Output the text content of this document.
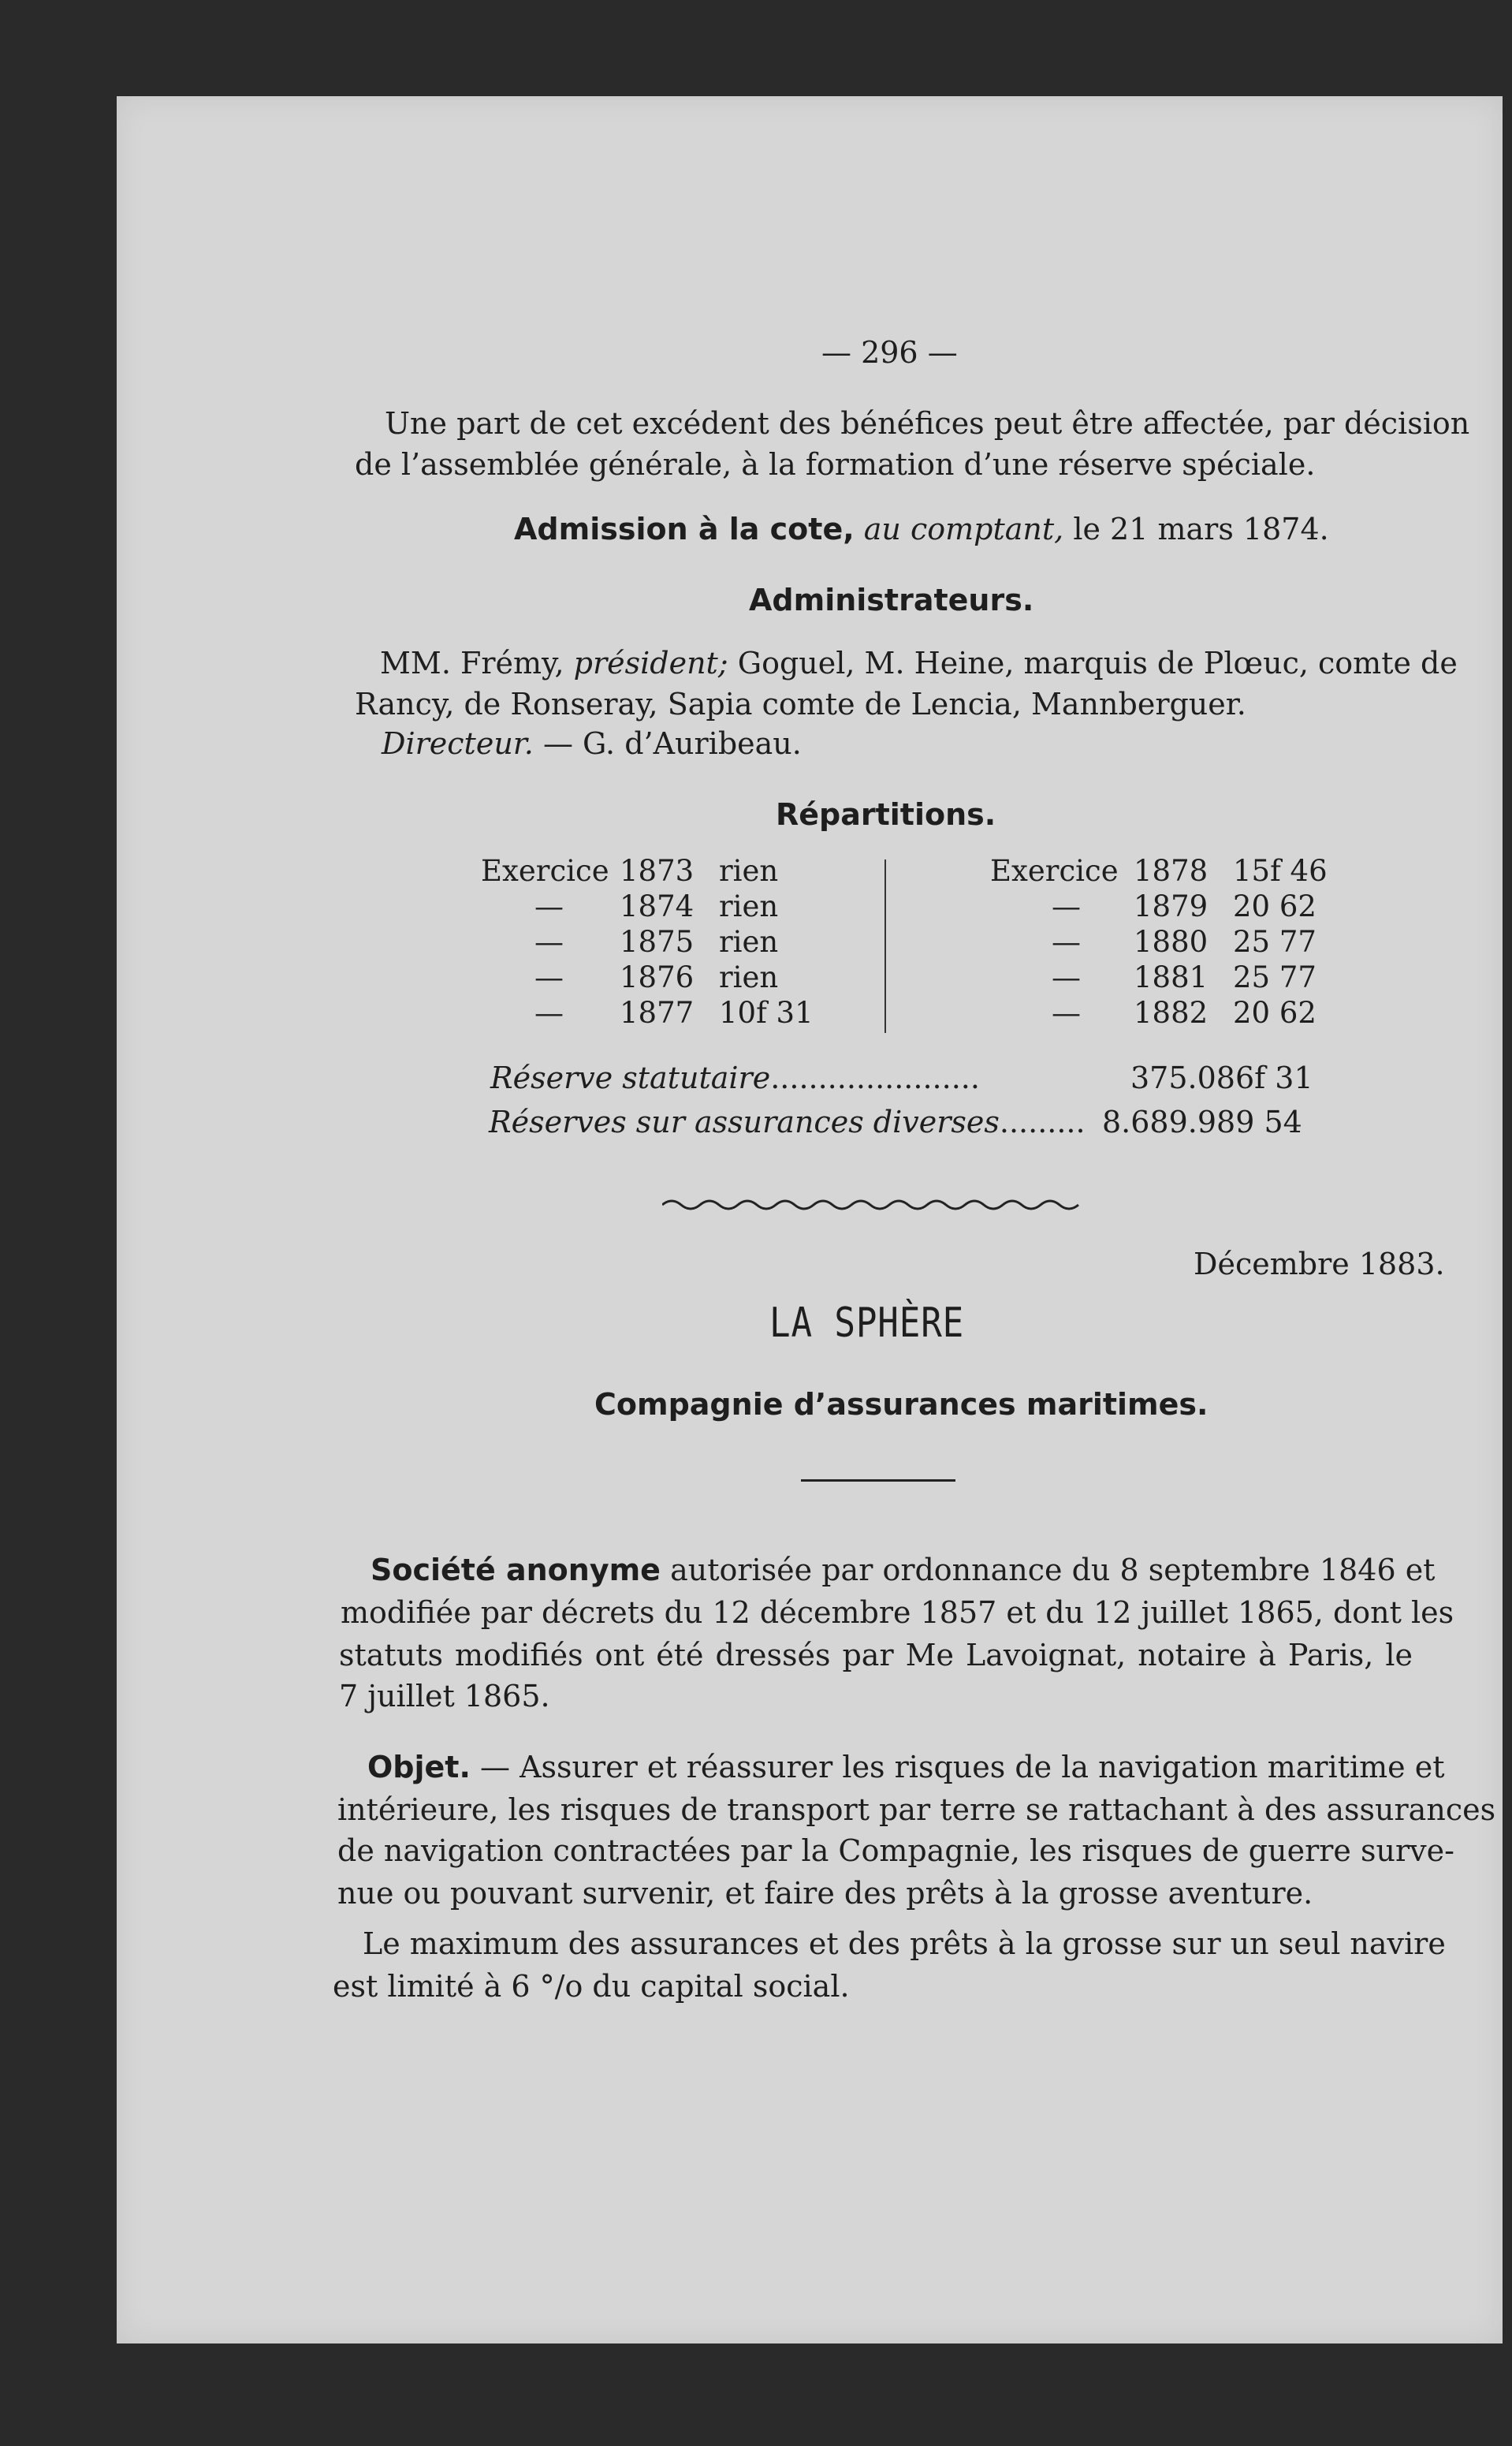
— 296 —
Une part de cet excédent des bénéfices peut être affectée, par décision
de l’assemblée générale, à la formation d’une réserve spéciale.
Admission à la cote, au comptant, le 21 mars 1874.
Administrateurs.
MM. Frémy, président; Goguel, M. Heine, marquis de Plœuc, comte de
Rancy, de Ronseray, Sapia comte de Lencia, Mannberguer.
Directeur. — G. d’Auribeau.
Répartitions.
Exercice 1873 rien
— 1874 rien
— 1875 rien
— 1876 rien
— 1877 10f 31
Exercice 1878 15f 46
— 1879 20 62
— 1880 25 77
— 1881 25 77
— 1882 20 62
Réserve statutaire......................	375.086f 31
Réserves sur assurances diverses......... 8.689.989 54
Décembre 1883.
LA SPHÈRE
Compagnie d’assurances maritimes.
Société anonyme autorisée par ordonnance du 8 septembre 1846 et
modifiée par décrets du 12 décembre 1857 et du 12 juillet 1865, dont les
statuts modifiés ont été dressés par Me Lavoignat, notaire à Paris, le
7 juillet 1865.
Objet. — Assurer et réassurer les risques de la navigation maritime et
intérieure, les risques de transport par terre se rattachant à des assurances
de navigation contractées par la Compagnie, les risques de guerre surve-
nue ou pouvant survenir, et faire des prêts à la grosse aventure.
Le maximum des assurances et des prêts à la grosse sur un seul navire
est limité à 6 °/o du capital social.
